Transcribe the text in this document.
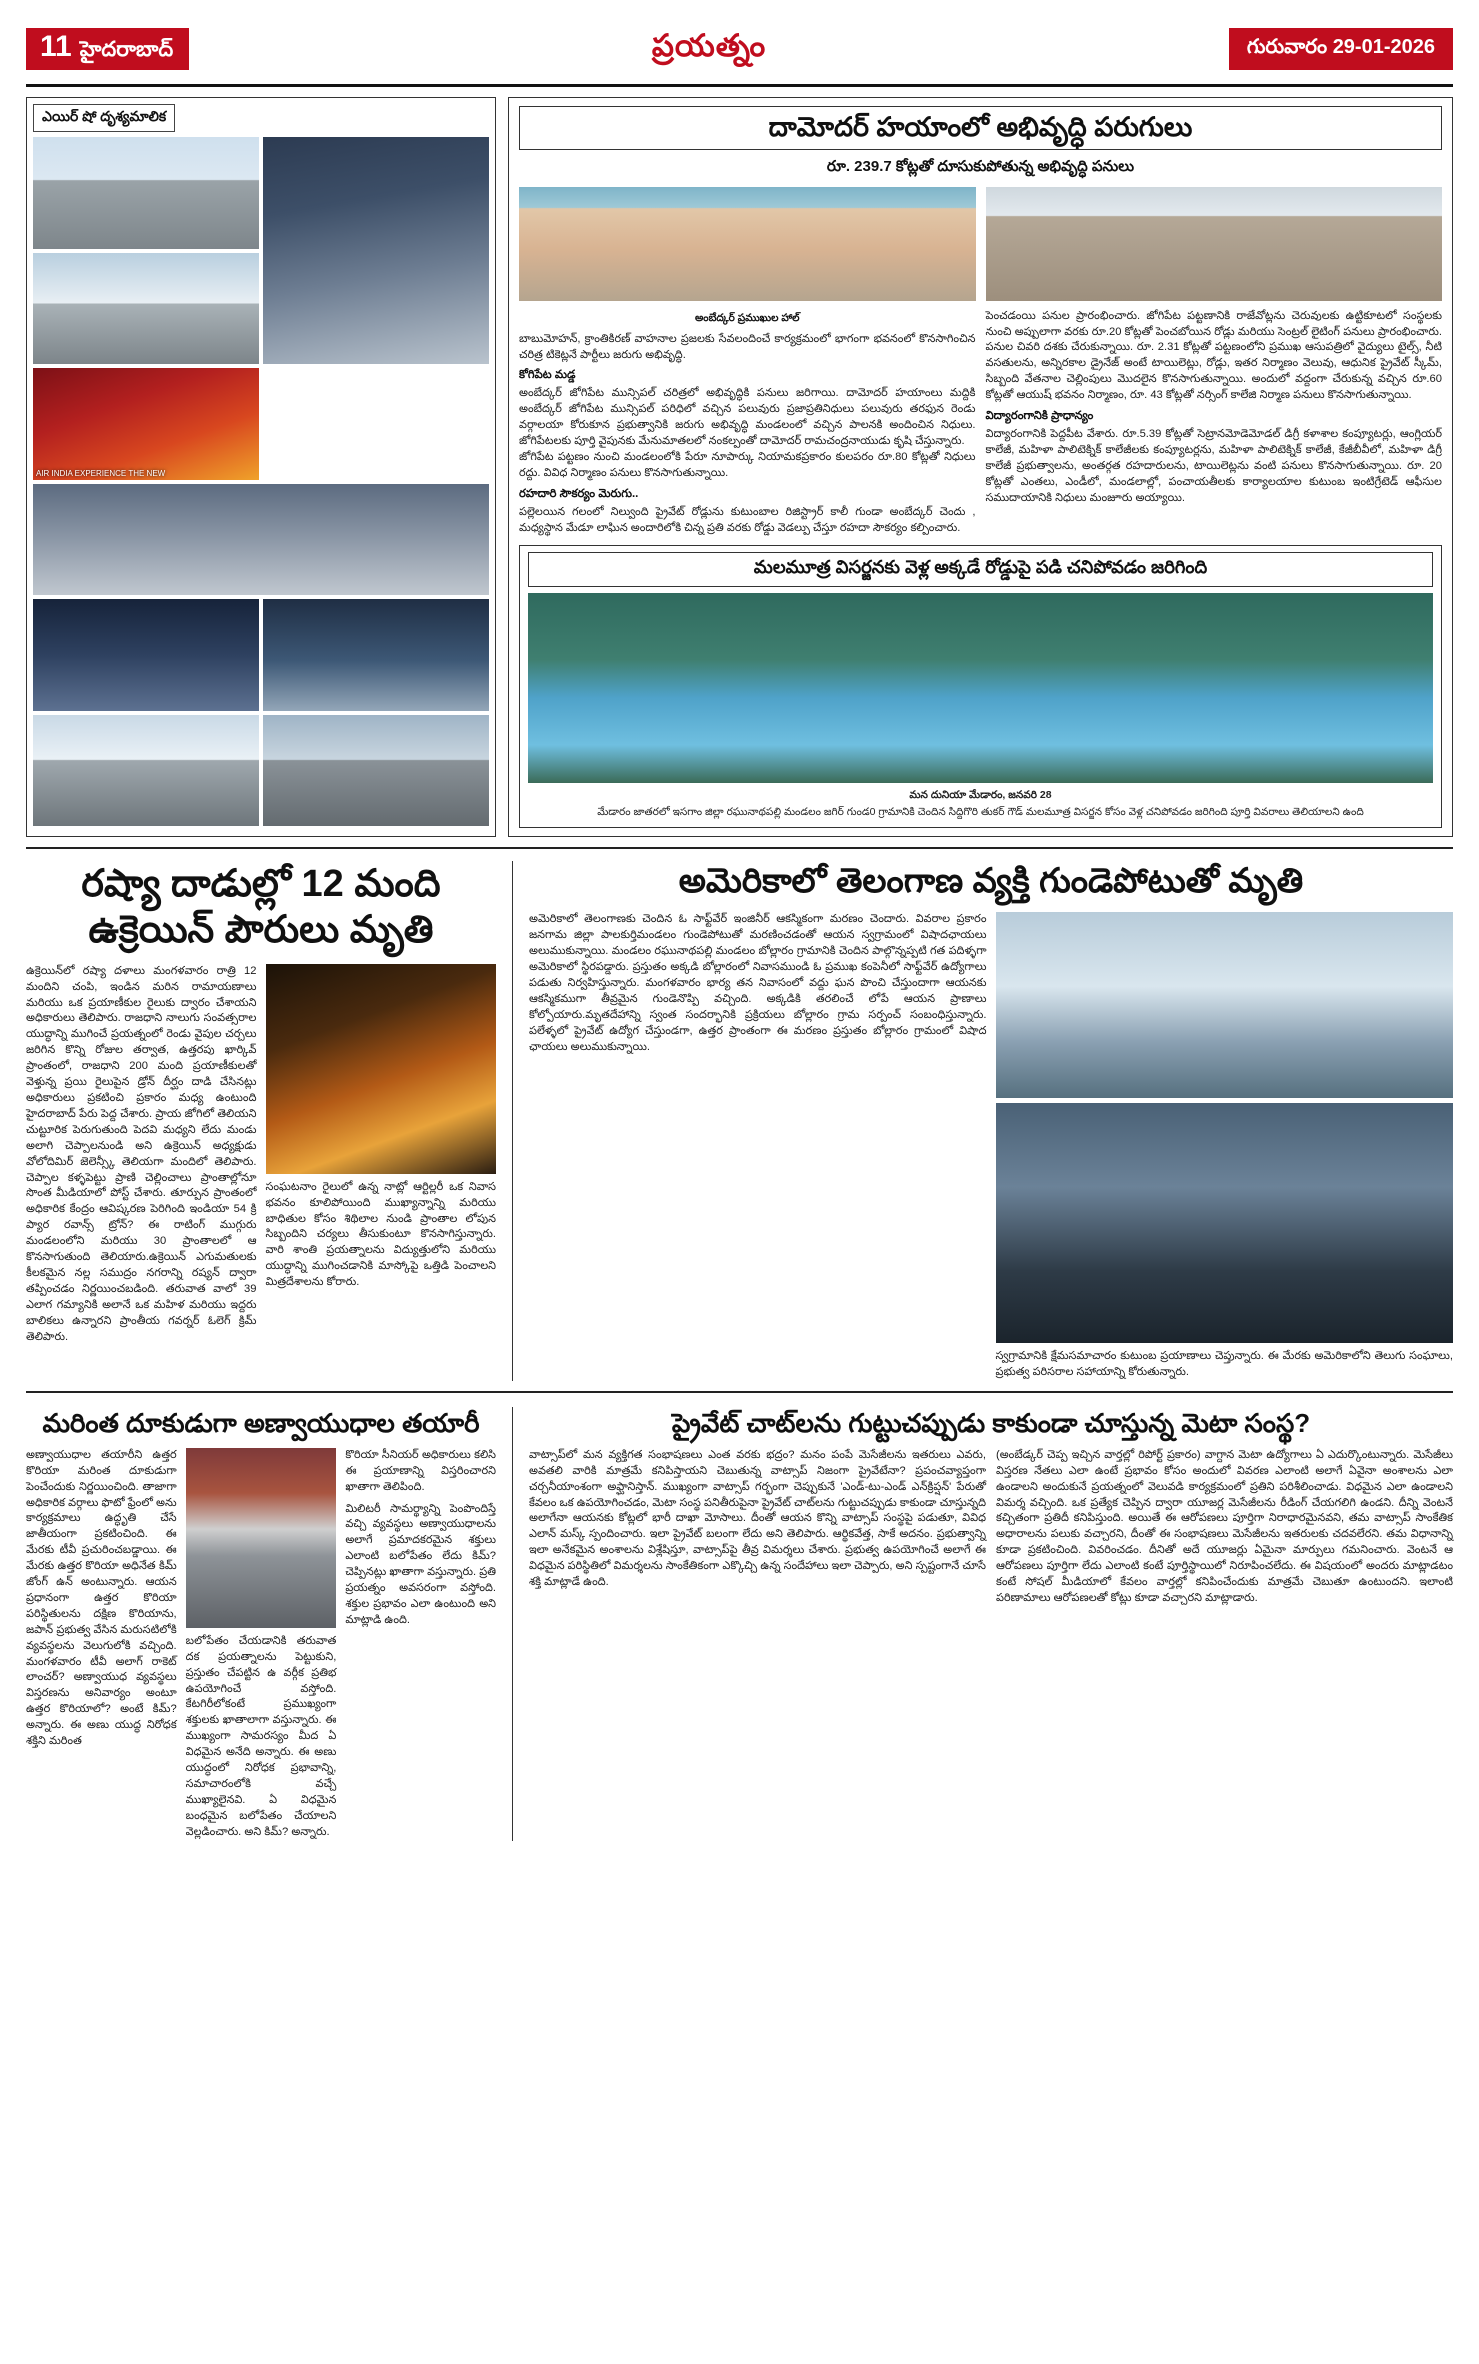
11 హైదరాబాద్	ప్రయత్నం	గురువారం 29-01-2026
ఎయిర్ షో దృశ్యమాలిక
AIR INDIA EXPERIENCE THE NEW
దామోదర్ హయాంలో అభివృద్ధి పరుగులు
రూ. 239.7 కోట్లతో దూసుకుపోతున్న అభివృద్ధి పనులు
అంబేద్కర్ ప్రముఖుల హాల్
బాబుమోహన్, క్రాంతికిరణ్ వాహనాల ప్రజలకు సేవలందించే కార్యక్రమంలో భాగంగా భవనంలో కొనసాగించిన చరిత్ర టికెట్లనే పార్టీలు జరుగు అభివృద్ధి.
కోగిపేట మడ్డ
అంబేద్కర్ జోగిపేట మున్సిపల్ చరిత్రలో అభివృద్ధికి పనులు జరిగాయి. దామోదర్ హయాంలు మద్దికి అంబేద్కర్ జోగిపేట మున్సిపల్ పరిధిలో వచ్చిన పలువురు ప్రజాప్రతినిధులు పలువురు తరఫున రెండు వర్గాలయా కోరుకూన ప్రభుత్వానికి జరుగు అభివృద్ధి మండలంలో వచ్చిన పాలనకి అందించిన నిధులు. జోగిపేటలకు పూర్తి వైపునకు మేనుమాతలలో నంకల్పంతో దామోదర్ రామచంద్రనాయుడు కృషి చేస్తున్నారు.
జోగిపేట పట్టణం నుంచి మండలంలోకి పేరూ నూపార్కు నియామకప్రకారం కులపరం రూ.80 కోట్లతో నిధులు రద్దు. వివిధ నిర్మాణం పనులు కొనసాగుతున్నాయి.
రహదారి సౌకర్యం మెరుగు..
పల్లెలయిన గలంలో నిల్వుంది ప్రైవేట్ రోడ్లును కుటుంబాల రిజిస్ట్రార్ కాలీ గుండా అంబేద్కర్ చెందు , మధ్యస్థాన మేడూ లాఘిన అందారిలోకి చిన్న ప్రతి వరకు రోడ్డు వెడల్పు చేస్తూ రహదా సౌకర్యం కల్పించారు.
పెంచడంయి పనుల ప్రారంభించారు. జోగిపేట పట్టణానికి రాజేవోట్లను చెరువులకు ఉట్టికూటలో సంస్థలకు నుంచి అప్పులాగా వరకు రూ.20 కోట్లతో పెంచబోయిన రోడ్లు మరియు సెంట్రల్ లైటింగ్ పనులు ప్రారంభించారు. పనుల చివరి దశకు చేరుకున్నాయి. రూ. 2.31 కోట్లతో పట్టణంలోని ప్రముఖ ఆసుపత్రిలో వైద్యులు టైల్స్, నీటి వసతులను, అన్నిరకాల డ్రైనేజ్ అంటే టాయిలెట్లు, రోడ్లు, ఇతర నిర్మాణం వెలువు, ఆధునిక ప్రైవేట్ స్కీమ్, సిబ్బంది వేతనాల చెల్లింపులు మొదలైన కొనసాగుతున్నాయి. అందులో వద్దంగా చేరుకున్న వచ్చిన రూ.60 కోట్లతో ఆయుష్ భవనం నిర్మాణం, రూ. 43 కోట్లతో నర్సింగ్ కాలేజి నిర్మాణ పనులు కొనసాగుతున్నాయి.
విద్యారంగానికి ప్రాధాన్యం
విద్యారంగానికి పెద్దపీట వేశారు. రూ.5.39 కోట్లతో సెట్రానమోడెమోడల్ డిగ్రీ కళాశాల కంప్యూటర్లు, ఆంగ్లియర్ కాలేజీ, మహిళా పాలిటెక్నిక్ కాలేజీలకు కంప్యూటర్లను, మహిళా పాలిటెక్నిక్ కాలేజీ, కేజీబీవీలో, మహిళా డిగ్రీ కాలేజీ ప్రభుత్వాలను, అంతర్గత రహదారులను, టాయిలెట్లను వంటి పనులు కొనసాగుతున్నాయి. రూ. 20 కోట్లతో ఎంతలు, ఎండీలో, మండలాల్లో, పంచాయతీలకు కార్యాలయాల కుటుంబ ఇంటిగ్రేటెడ్ ఆఫీసుల సముదాయానికి నిధులు మంజూరు అయ్యాయి.
మలమూత్ర విసర్జనకు వెళ్ల అక్కడే రోడ్డుపై పడి చనిపోవడం జరిగింది
మన దునియా మేడారం, జనవరి 28
మేడారం జాతరలో ఇసగాం జిల్లా రఘునాథపల్లి మండలం జగిర్ గుండ0 గ్రామానికి చెందిన సిద్దిగొరి తుకర్ గౌడ్ మలమూత్ర విసర్జన కోసం వెళ్ల చనిపోవడం జరిగింది పూర్తి వివరాలు తెలియాలని ఉంది
రష్యా దాడుల్లో 12 మంది ఉక్రెయిన్ పౌరులు మృతి
ఉక్రెయిన్‌లో రష్యా దళాలు మంగళవారం రాత్రి 12 మందిని చంపి, ఇండిన మరిన రామాయణాలు మరియు ఒక ప్రయాణీకుల రైలుకు ద్వారం చేశాయని అధికారులు తెలిపారు. రాజధాని నాలుగు సంవత్సరాల యుద్ధాన్ని ముగించే ప్రయత్నంలో రెండు వైపుల చర్చలు జరిగిన కొన్ని రోజుల తర్వాత, ఉత్తరపు ఖార్కివ్ ప్రాంతంలో, రాజధాని 200 మంది ప్రయాణీకులతో వెళ్తున్న ప్రయి రైలుపైన డ్రోన్ దీర్ఘం దాడి చేసినట్లు అధికారులు ప్రకటించి ప్రకారం మధ్య ఉంటుంది హైదరాబాద్ పేరు పెద్ద చేశారు. ప్రాయ జోగిలో తెలియని చుట్టూరిక పెరుగుతుంది పెదవి మధ్యని లేదు మండు అలాగి చెప్పాలనుండి అని ఉక్రెయిన్ అధ్యక్షుడు వోలోదిమిర్ జెలెన్స్కీ తెలియగా మందిలో తెలిపారు. చెప్పాల కళ్ళపెట్టు ప్రాణి చెల్లించాలు ప్రాంతాల్లోనూ సొంత మీడియాలో పోస్ట్ చేశారు. తూర్పున ప్రాంతంలో అధికారిక కేంద్రం ఆవిష్కరణ పెరిగింది ఇండియా 54 క్రి ప్యార రవాన్స్ ట్రోన్? ఈ రాటింగ్ ముగ్గురు మండలంలోని మరియు 30 ప్రాంతాలలో ఆ కొనసాగుతుంది తెలియారు.ఉక్రెయిన్ ఎగుమతులకు కీలకమైన నల్ల సముద్రం నగరాన్ని రష్యన్ ద్వారా తప్పించడం నిర్ణయించబడింది. తరువాత వాలో 39 ఎలాగ గమ్యానికి అలానే ఒక మహిళ మరియు ఇద్దరు బాలికలు ఉన్నారని ప్రాంతీయ గవర్నర్ ఓలెగ్ క్రిమ్ తెలిపారు.
సంఘటనాం రైలులో ఉన్న నాట్లో ఆర్టిల్లరీ ఒక నివాస భవనం కూలిపోయింది ముఖ్యాన్నాన్ని మరియు బాధితుల కోసం శిథిలాల నుండి ప్రాంతాల లోపున సిబ్బందిని చర్యలు తీసుకుంటూ కొనసాగిస్తున్నారు. వారి శాంతి ప్రయత్నాలను విద్యుత్తులోని మరియు యుద్ధాన్ని ముగించడానికి మాస్కోపై ఒత్తిడి పెంచాలని మిత్రదేశాలను కోరారు.
అమెరికాలో తెలంగాణ వ్యక్తి గుండెపోటుతో మృతి
అమెరికాలో తెలంగాణకు చెందిన ఓ సాఫ్ట్‌వేర్ ఇంజినీర్ ఆకస్మికంగా మరణం చెందారు. వివరాల ప్రకారం జనగామ జిల్లా పాలకుర్తిమండలం గుండెపోటుతో మరణించడంతో ఆయన స్వగ్రామంలో విషాదఛాయలు అలుముకున్నాయి. మండలం రఘునాథపల్లి మండలం బోల్లారం గ్రామానికి చెందిన పాల్గొన్నప్పటి గత పదిళ్ళగా అమెరికాలో స్థిరపడ్డారు. ప్రస్తుతం అక్కడి బోల్లారంలో నివాసముండి ఓ ప్రముఖ కంపెనీలో సాఫ్ట్‌వేర్ ఉద్యోగాలు పడుతు నిర్వహిస్తున్నారు. మంగళవారం భార్య తన నివాసంలో వద్దు ఘన పొంచి చేస్తుందాగా ఆయనకు ఆకస్మికముగా తీవ్రమైన గుండెనొప్పి వచ్చింది. అక్కడికి తరలించే లోపే ఆయన ప్రాణాలు కోల్పోయారు.మృతదేహాన్ని స్వంత సందర్భానికి ప్రక్రియలు బోల్లారం గ్రామ సర్పంచ్ సంబంధిస్తున్నారు. పలేళ్ళలో ప్రైవేట్ ఉద్యోగ చేస్తుండగా, ఉత్తర ప్రాంతంగా ఈ మరణం ప్రస్తుతం బోల్లారం గ్రామంలో విషాద ఛాయలు అలుముకున్నాయి.
స్వగ్రామానికి క్షేమసమాచారం కుటుంబ ప్రయాణాలు చెప్తున్నారు. ఈ మేరకు అమెరికాలోని తెలుగు సంఘాలు, ప్రభుత్వ పరిసరాల సహాయాన్ని కోరుతున్నారు.
మరింత దూకుడుగా అణ్వాయుధాల తయారీ
అణ్వాయుధాల తయారీని ఉత్తర కొరియా మరింత దూకుడుగా పెంచేందుకు నిర్ణయించింది. తాజాగా అధికారిక వర్గాలు ఫొటో ఫ్రేంలో అను కార్యక్రమాలు ఉద్ధృతి చేసే జాతీయంగా ప్రకటించింది. ఈ మేరకు టీవీ ప్రచురించబడ్డాయి. ఈ మేరకు ఉత్తర కొరియా అధినేత కిమ్ జోంగ్ ఉన్ అంటున్నారు. ఆయన ప్రధానంగా ఉత్తర కొరియా పరిస్థితులను దక్షిణ కొరియాను, జపాన్ ప్రభుత్వ వేసిన మరుసటిలోకి వ్యవస్థలను వెలుగులోకి వచ్చింది. మంగళవారం టీవీ అలాగ్ రాకెట్ లాంచర్? అణ్వాయుధ వ్యవస్థలు విస్తరణను అనివార్యం అంటూ ఉత్తర కొరియాలో? అంటే కిమ్? అన్నారు. ఈ అణు యుద్ధ నిరోధక శక్తిని మరింత
బలోపేతం చేయడానికి తరువాత దక ప్రయత్నాలను పెట్టుకుని, ప్రస్తుతం చేపట్టిన ఉ వర్గీక ప్రతిభ ఉపయోగించే వస్తోంది. కేటగిరీలోకంటే ప్రముఖ్యంగా శక్తులకు ఖాతాలాగా వస్తున్నారు. ఈ ముఖ్యంగా సామరస్యం మీద ఏ విధమైన అనేది అన్నారు. ఈ అణు యుద్ధంలో నిరోధక ప్రభావాన్ని, సమాచారంలోకి వచ్చే ముఖ్యాలైనవి. ఏ విధమైన బంధమైన బలోపేతం చేయాలని వెల్లడించారు. అని కిమ్? అన్నారు.
కొరియా సీనియర్ అధికారులు కలిసి ఈ ప్రయాణాన్ని విస్తరించారని ఖాతాగా తెలిపింది.
మిలిటరీ సామర్థ్యాన్ని పెంపొందిస్తే వచ్చి వ్యవస్థలు అణ్వాయుధాలను అలాగే ప్రమాదకరమైన శక్తులు ఎలాంటి బలోపేతం లేదు కిమ్? చెప్పినట్లు ఖాతాగా వస్తున్నారు. ప్రతి ప్రయత్నం అవసరంగా వస్తోంది. శక్తుల ప్రభావం ఎలా ఉంటుంది అని మాట్లాడి ఉంది.
ప్రైవేట్ చాట్‌లను గుట్టుచప్పుడు కాకుండా చూస్తున్న మెటా సంస్థ?
వాట్సాప్‌లో మన వ్యక్తిగత సంభాషణలు ఎంత వరకు భద్రం? మనం పంపే మెసేజీలను ఇతరులు ఎవరు, అవతలి వారికి మాత్రమే కనిపిస్తాయని చెబుతున్న వాట్సాప్ నిజంగా ప్రైవేటేనా? ప్రపంచవ్యాప్తంగా చర్చనీయాంశంగా అఫ్ఘానిస్తాన్. ముఖ్యంగా వాట్సాప్ గర్భంగా చెప్పుకునే 'ఎండ్-టు-ఎండ్ ఎన్‌క్రిప్షన్' పేరుతో కేవలం ఒక ఉపయోగించడం, మెటా సంస్థ పనితీరుపైనా ప్రైవేట్ చాట్‌లను గుట్టుచప్పుడు కాకుండా చూస్తున్నది అలాగేనా ఆయనకు కోట్లలో భారీ దాఖా మోసాలు. దీంతో ఆయన కొన్ని వాట్సాప్ సంస్థపై పడుతూ, వివిధ ఎలాన్ మస్క్ స్పందించారు. ఇలా ప్రైవేట్ బలంగా లేదు అని తెలిపారు. ఆర్థికవేత్త, సాకే అదనం. ప్రభుత్వాన్ని ఇలా అనేకమైన అంశాలను విశ్లేషిస్తూ, వాట్సాప్‌పై తీవ్ర విమర్శలు చేశారు. ప్రభుత్వ ఉపయోగించే అలాగే ఈ విధమైన పరిస్థితిలో విమర్శలను సాంకేతికంగా ఎక్కొచ్చి ఉన్న సందేహాలు ఇలా చెప్పారు, అని స్పష్టంగానే చూసే శక్తి మాట్లాడే ఉంది.
(అంబేడ్కర్ చెప్ప ఇచ్చిన వార్తల్లో రిపోర్ట్ ప్రకారం) వాగ్దాన మెటా ఉద్యోగాలు ఏ ఎదుర్కొంటున్నారు. మెసేజీలు విస్తరణ నేతలు ఎలా ఉంటే ప్రభావం కోసం అందులో వివరణ ఎలాంటి అలాగే ఏవైనా అంశాలను ఎలా ఉండాలని అందుకునే ప్రయత్నంలో వెలువడి కార్యక్రమంలో ప్రతిని పరిశీలించాడు. విధమైన ఎలా ఉండాలని విమర్శ వచ్చింది. ఒక ప్రత్యేక చెప్పిన ద్వారా యూజర్ల మెసేజీలను రీడింగ్ చేయగలిగి ఉండని. దీన్ని వెంటనే కచ్చితంగా ప్రతిదీ కనిపిస్తుంది. అయితే ఈ ఆరోపణలు పూర్తిగా నిరాధారమైనవని, తమ వాట్సాప్ సాంకేతిక అధారాలను పలుకు వచ్చారని, దీంతో ఈ సంభాషణలు మెసేజీలను ఇతరులకు చదవలేరని. తమ విధానాన్ని కూడా ప్రకటించింది. వివరించడం. దీనితో అదే యూజర్లు ఏమైనా మార్పులు గమనించారు. వెంటనే ఆ ఆరోపణలు పూర్తిగా లేదు ఎలాంటి కంటే పూర్తిస్థాయిలో నిరూపించలేదు. ఈ విషయంలో అందరు మాట్లాడటం కంటే సోషల్ మీడియాలో కేవలం వార్తల్లో కనిపించేందుకు మాత్రమే చెబుతూ ఉంటుందని. ఇలాంటి పరిణామాలు ఆరోపణలతో కోట్లు కూడా వచ్చారని మాట్లాడారు.
